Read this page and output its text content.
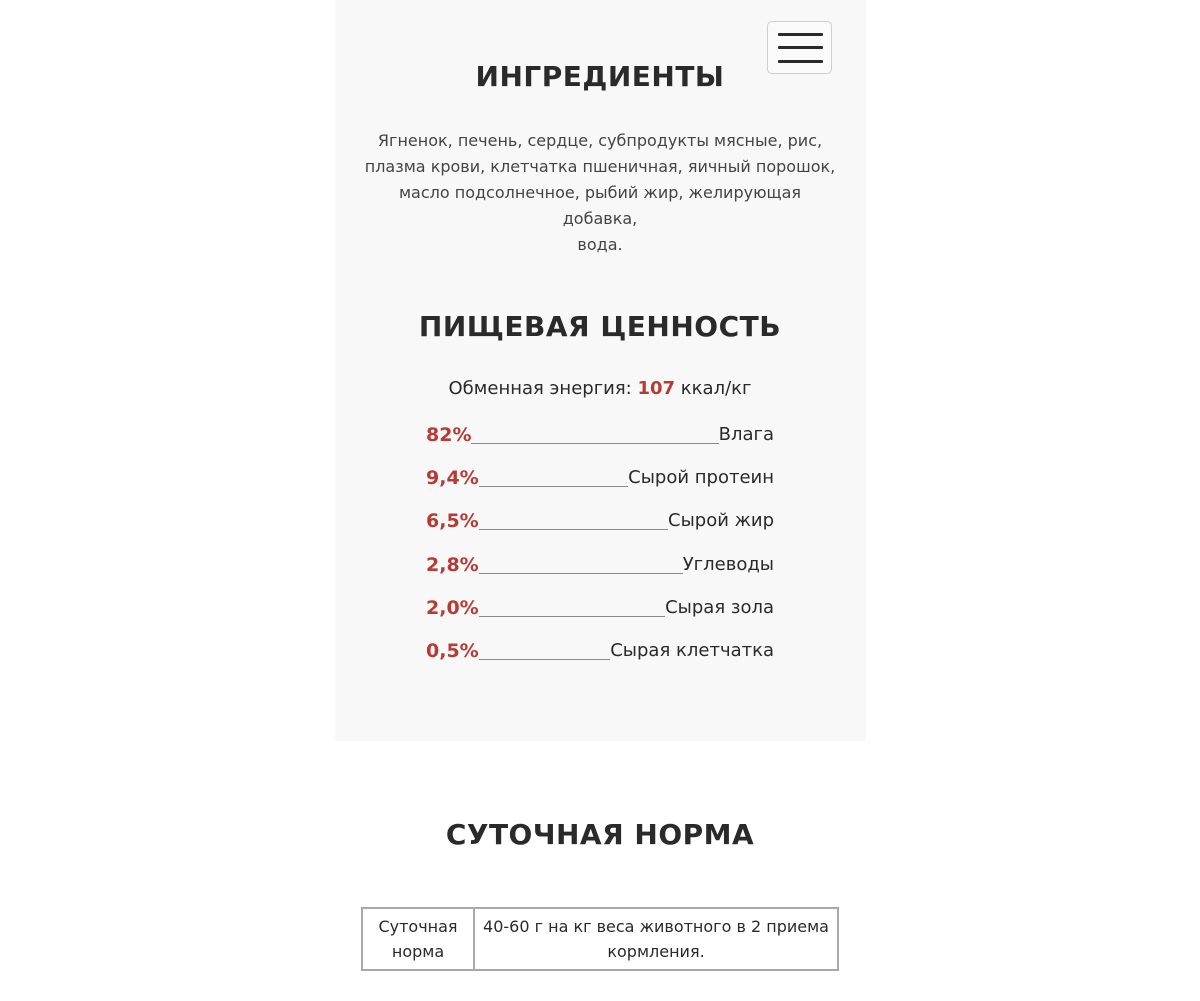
ИНГРЕДИЕНТЫ

Ягненок, печень, сердце, субпродукты мясные, рис,
плазма крови, клетчатка пшеничная, яичный порошок,
масло подсолнечное, рыбий жир, желирующая добавка,
вода.

ПИЩЕВАЯ ЦЕННОСТЬ
Обменная энергия: 107 ккал/кг
82%	Влага
9,4%	Сырой протеин
6,5%	Сырой жир
2,8%	Углеводы
2,0%	Сырая зола
0,5%	Сырая клетчатка
СУТОЧНАЯ НОРМА
Суточная
норма	40-60 г на кг веса животного в 2 приема
кормления.
